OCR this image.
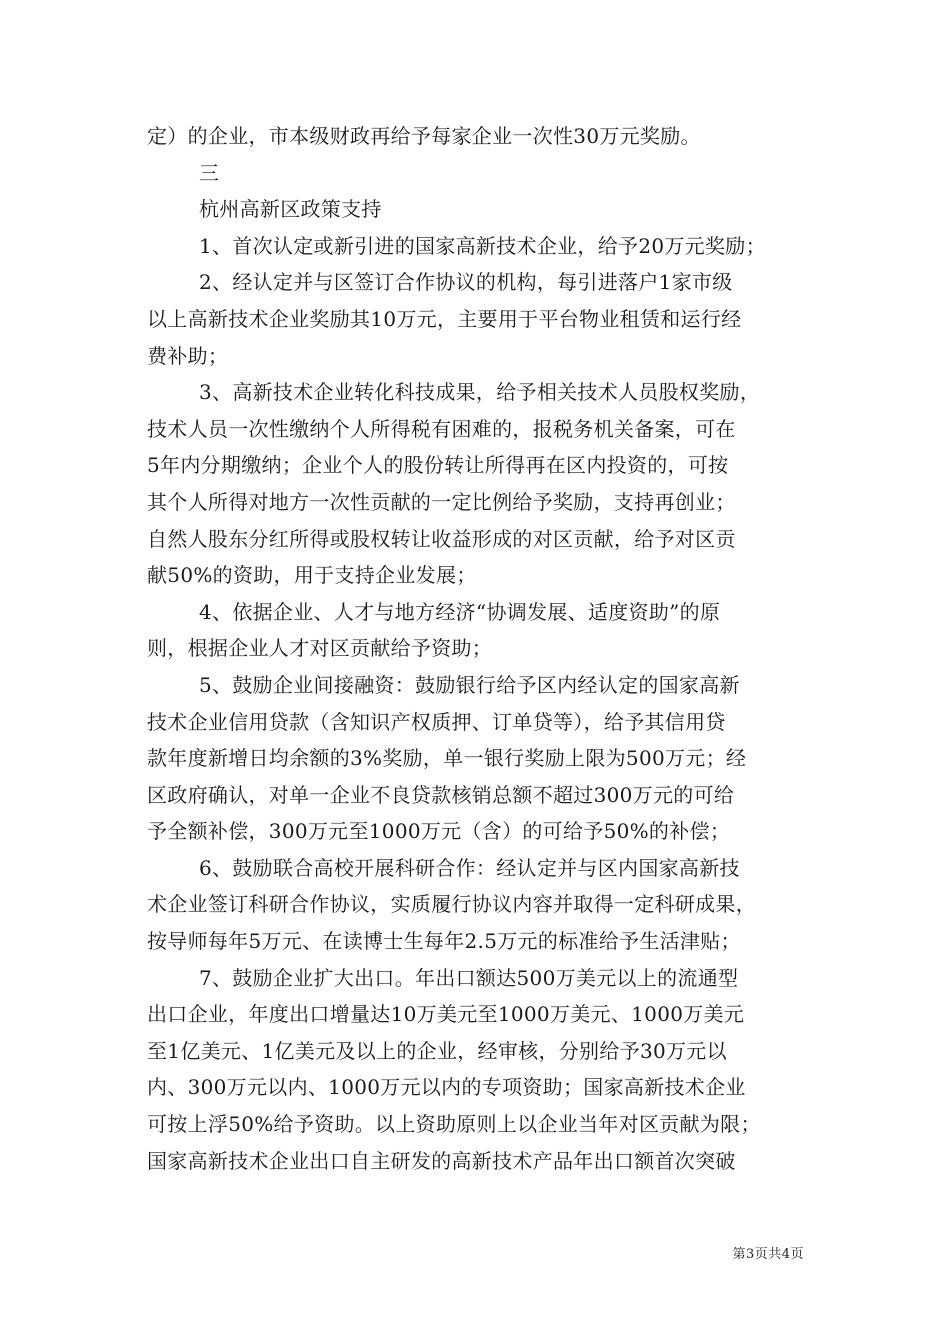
定）的企业，市本级财政再给予每家企业一次性30万元奖励。
三
杭州高新区政策支持
1、首次认定或新引进的国家高新技术企业，给予20万元奖励；
2、经认定并与区签订合作协议的机构，每引进落户1家市级
以上高新技术企业奖励其10万元，主要用于平台物业租赁和运行经
费补助；
3、高新技术企业转化科技成果，给予相关技术人员股权奖励，
技术人员一次性缴纳个人所得税有困难的，报税务机关备案，可在
5年内分期缴纳；企业个人的股份转让所得再在区内投资的，可按
其个人所得对地方一次性贡献的一定比例给予奖励，支持再创业；
自然人股东分红所得或股权转让收益形成的对区贡献，给予对区贡
献50%的资助，用于支持企业发展；
4、依据企业、人才与地方经济“协调发展、适度资助”的原
则，根据企业人才对区贡献给予资助；
5、鼓励企业间接融资：鼓励银行给予区内经认定的国家高新
技术企业信用贷款（含知识产权质押、订单贷等），给予其信用贷
款年度新增日均余额的3%奖励，单一银行奖励上限为500万元；经
区政府确认，对单一企业不良贷款核销总额不超过300万元的可给
予全额补偿，300万元至1000万元（含）的可给予50%的补偿；
6、鼓励联合高校开展科研合作：经认定并与区内国家高新技
术企业签订科研合作协议，实质履行协议内容并取得一定科研成果，
按导师每年5万元、在读博士生每年2.5万元的标准给予生活津贴；
7、鼓励企业扩大出口。年出口额达500万美元以上的流通型
出口企业，年度出口增量达10万美元至1000万美元、1000万美元
至1亿美元、1亿美元及以上的企业，经审核，分别给予30万元以
内、300万元以内、1000万元以内的专项资助；国家高新技术企业
可按上浮50%给予资助。以上资助原则上以企业当年对区贡献为限；
国家高新技术企业出口自主研发的高新技术产品年出口额首次突破
第3页共4页
